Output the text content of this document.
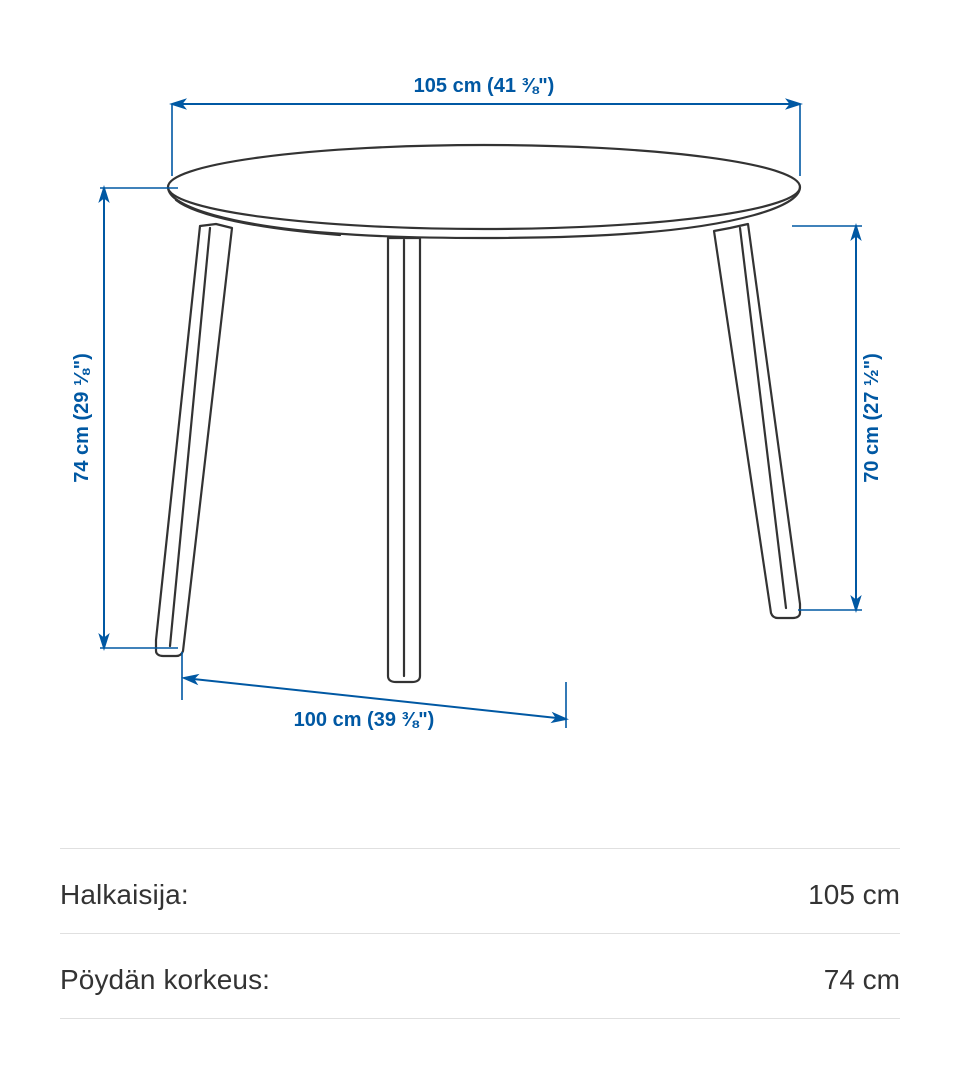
105 cm (41 ⅜")
74 cm (29 ⅛")	70 cm (27 ½")
100 cm (39 ⅜")
Halkaisija:	105 cm
Pöydän korkeus:	74 cm
